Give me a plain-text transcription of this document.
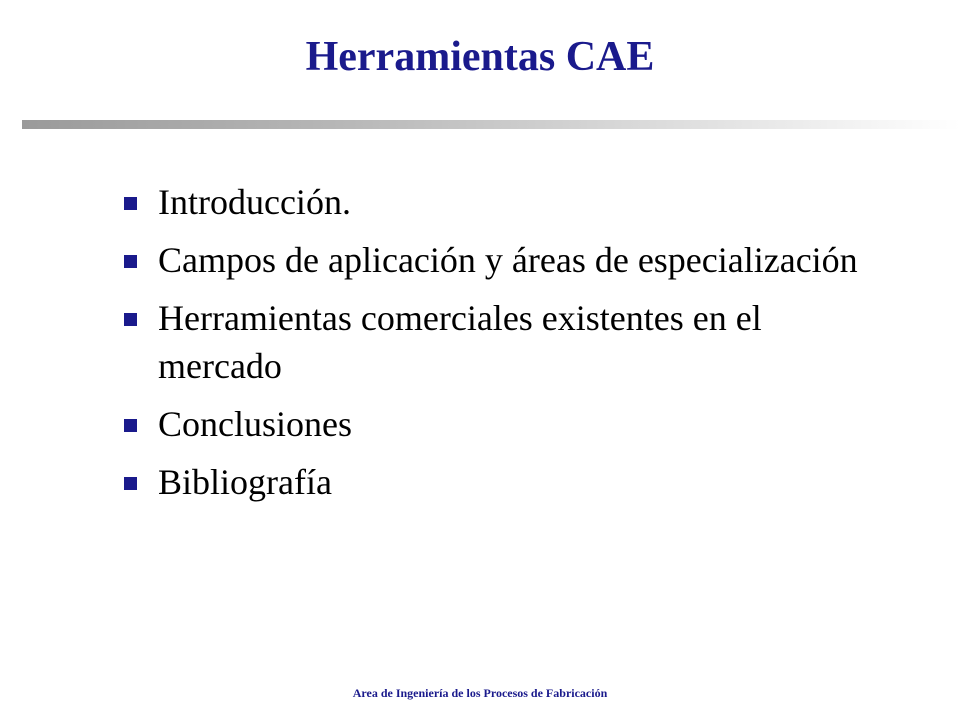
Herramientas CAE
Introducción.
Campos de aplicación y áreas de especialización
Herramientas comerciales existentes en el mercado
Conclusiones
Bibliografía
Area de Ingeniería de los Procesos de Fabricación
